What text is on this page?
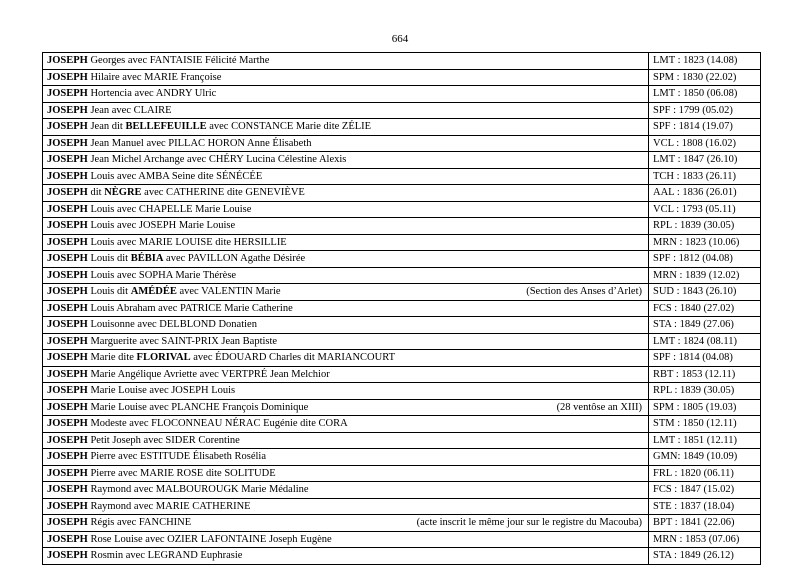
664
JOSEPH Georges avec FANTAISIE Félicité Marthe	LMT : 1823 (14.08)

JOSEPH Hilaire avec MARIE Françoise	SPM : 1830 (22.02)

JOSEPH Hortencia avec ANDRY Ulric	LMT : 1850 (06.08)

JOSEPH Jean avec CLAIRE	SPF : 1799 (05.02)

JOSEPH Jean dit BELLEFEUILLE avec CONSTANCE Marie dite ZÉLIE	SPF : 1814 (19.07)

JOSEPH Jean Manuel avec PILLAC HORON Anne Élisabeth	VCL : 1808 (16.02)

JOSEPH Jean Michel Archange avec CHÉRY Lucina Célestine Alexis	LMT : 1847 (26.10)

JOSEPH Louis avec AMBA Seine dite SÉNÉCÉE	TCH : 1833 (26.11)

JOSEPH dit NÈGRE avec CATHERINE dite GENEVIÈVE	AAL : 1836 (26.01)

JOSEPH Louis avec CHAPELLE Marie Louise	VCL : 1793 (05.11)

JOSEPH Louis avec JOSEPH Marie Louise	RPL : 1839 (30.05)

JOSEPH Louis avec MARIE LOUISE dite HERSILLIE	MRN : 1823 (10.06)

JOSEPH Louis dit BÉBIA avec PAVILLON Agathe Désirée	SPF : 1812 (04.08)

JOSEPH Louis avec SOPHA Marie Thérèse	MRN : 1839 (12.02)

JOSEPH Louis dit AMÉDÉE avec VALENTIN Marie (Section des Anses d’Arlet)	SUD : 1843 (26.10)

JOSEPH Louis Abraham avec PATRICE Marie Catherine	FCS : 1840 (27.02)

JOSEPH Louisonne avec DELBLOND Donatien	STA : 1849 (27.06)

JOSEPH Marguerite avec SAINT-PRIX Jean Baptiste	LMT : 1824 (08.11)

JOSEPH Marie dite FLORIVAL avec ÉDOUARD Charles dit MARIANCOURT	SPF : 1814 (04.08)

JOSEPH Marie Angélique Avriette avec VERTPRÉ Jean Melchior	RBT : 1853 (12.11)

JOSEPH Marie Louise avec JOSEPH Louis	RPL : 1839 (30.05)

JOSEPH Marie Louise avec PLANCHE François Dominique (28 ventôse an XIII)	SPM : 1805 (19.03)

JOSEPH Modeste avec FLOCONNEAU NÉRAC Eugénie dite CORA	STM : 1850 (12.11)

JOSEPH Petit Joseph avec SIDER Corentine	LMT : 1851 (12.11)

JOSEPH Pierre avec ESTITUDE Élisabeth Rosélia	GMN: 1849 (10.09)

JOSEPH Pierre avec MARIE ROSE dite SOLITUDE	FRL : 1820 (06.11)

JOSEPH Raymond avec MALBOUROUGK Marie Médaline	FCS : 1847 (15.02)

JOSEPH Raymond avec MARIE CATHERINE	STE : 1837 (18.04)

JOSEPH Régis avec FANCHINE (acte inscrit le même jour sur le registre du Macouba)	BPT : 1841 (22.06)

JOSEPH Rose Louise avec OZIER LAFONTAINE Joseph Eugène	MRN : 1853 (07.06)

JOSEPH Rosmin avec LEGRAND Euphrasie	STA : 1849 (26.12)
